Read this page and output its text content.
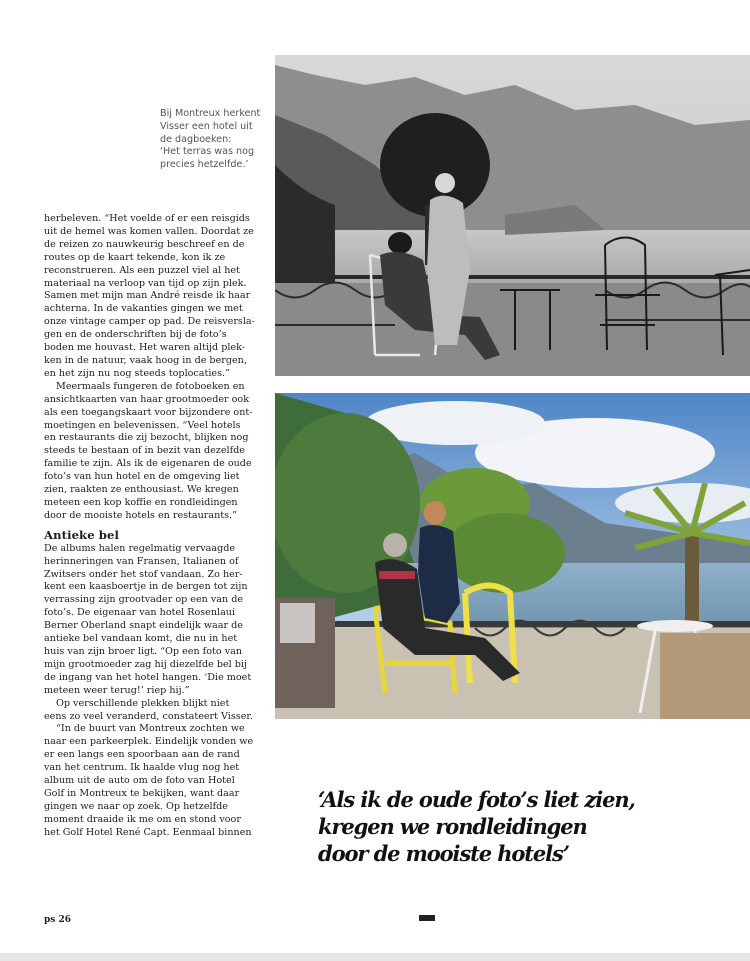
Bij Montreux herkent
Visser een hotel uit
de dagboeken:
‘Het terras was nog
precies hetzelfde.’
herbeleven. “Het voelde of er een reisgids
uit de hemel was komen vallen. Doordat ze
de reizen zo nauwkeurig beschreef en de
routes op de kaart tekende, kon ik ze
reconstrueren. Als een puzzel viel al het
materiaal na verloop van tijd op zijn plek.
Samen met mijn man André reisde ik haar
achterna. In de vakanties gingen we met
onze vintage camper op pad. De reisversla-
gen en de onderschriften bij de foto’s
boden me houvast. Het waren altijd plek-
ken in de natuur, vaak hoog in de bergen,
en het zijn nu nog steeds toplocaties.”
Meermaals fungeren de fotoboeken en
ansichtkaarten van haar grootmoeder ook
als een toegangskaart voor bijzondere ont-
moetingen en belevenissen. “Veel hotels
en restaurants die zij bezocht, blijken nog
steeds te bestaan of in bezit van dezelfde
familie te zijn. Als ik de eigenaren de oude
foto’s van hun hotel en de omgeving liet
zien, raakten ze enthousiast. We kregen
meteen een kop koffie en rondleidingen
door de mooiste hotels en restaurants.”
Antieke bel
De albums halen regelmatig vervaagde
herinneringen van Fransen, Italianen of
Zwitsers onder het stof vandaan. Zo her-
kent een kaasboertje in de bergen tot zijn
verrassing zijn grootvader op een van de
foto’s. De eigenaar van hotel Rosenlaui
Berner Oberland snapt eindelijk waar de
antieke bel vandaan komt, die nu in het
huis van zijn broer ligt. “Op een foto van
mijn grootmoeder zag hij diezelfde bel bij
de ingang van het hotel hangen. ‘Die moet
meteen weer terug!’ riep hij.”
Op verschillende plekken blijkt niet
eens zo veel veranderd, constateert Visser.
“In de buurt van Montreux zochten we
naar een parkeerplek. Eindelijk vonden we
er een langs een spoorbaan aan de rand
van het centrum. Ik haalde vlug nog het
album uit de auto om de foto van Hotel
Golf in Montreux te bekijken, want daar
gingen we naar op zoek. Op hetzelfde
moment draaide ik me om en stond voor
het Golf Hotel René Capt. Eenmaal binnen
‘Als ik de oude foto’s liet zien,
kregen we rondleidingen
door de mooiste hotels’
ps 26
